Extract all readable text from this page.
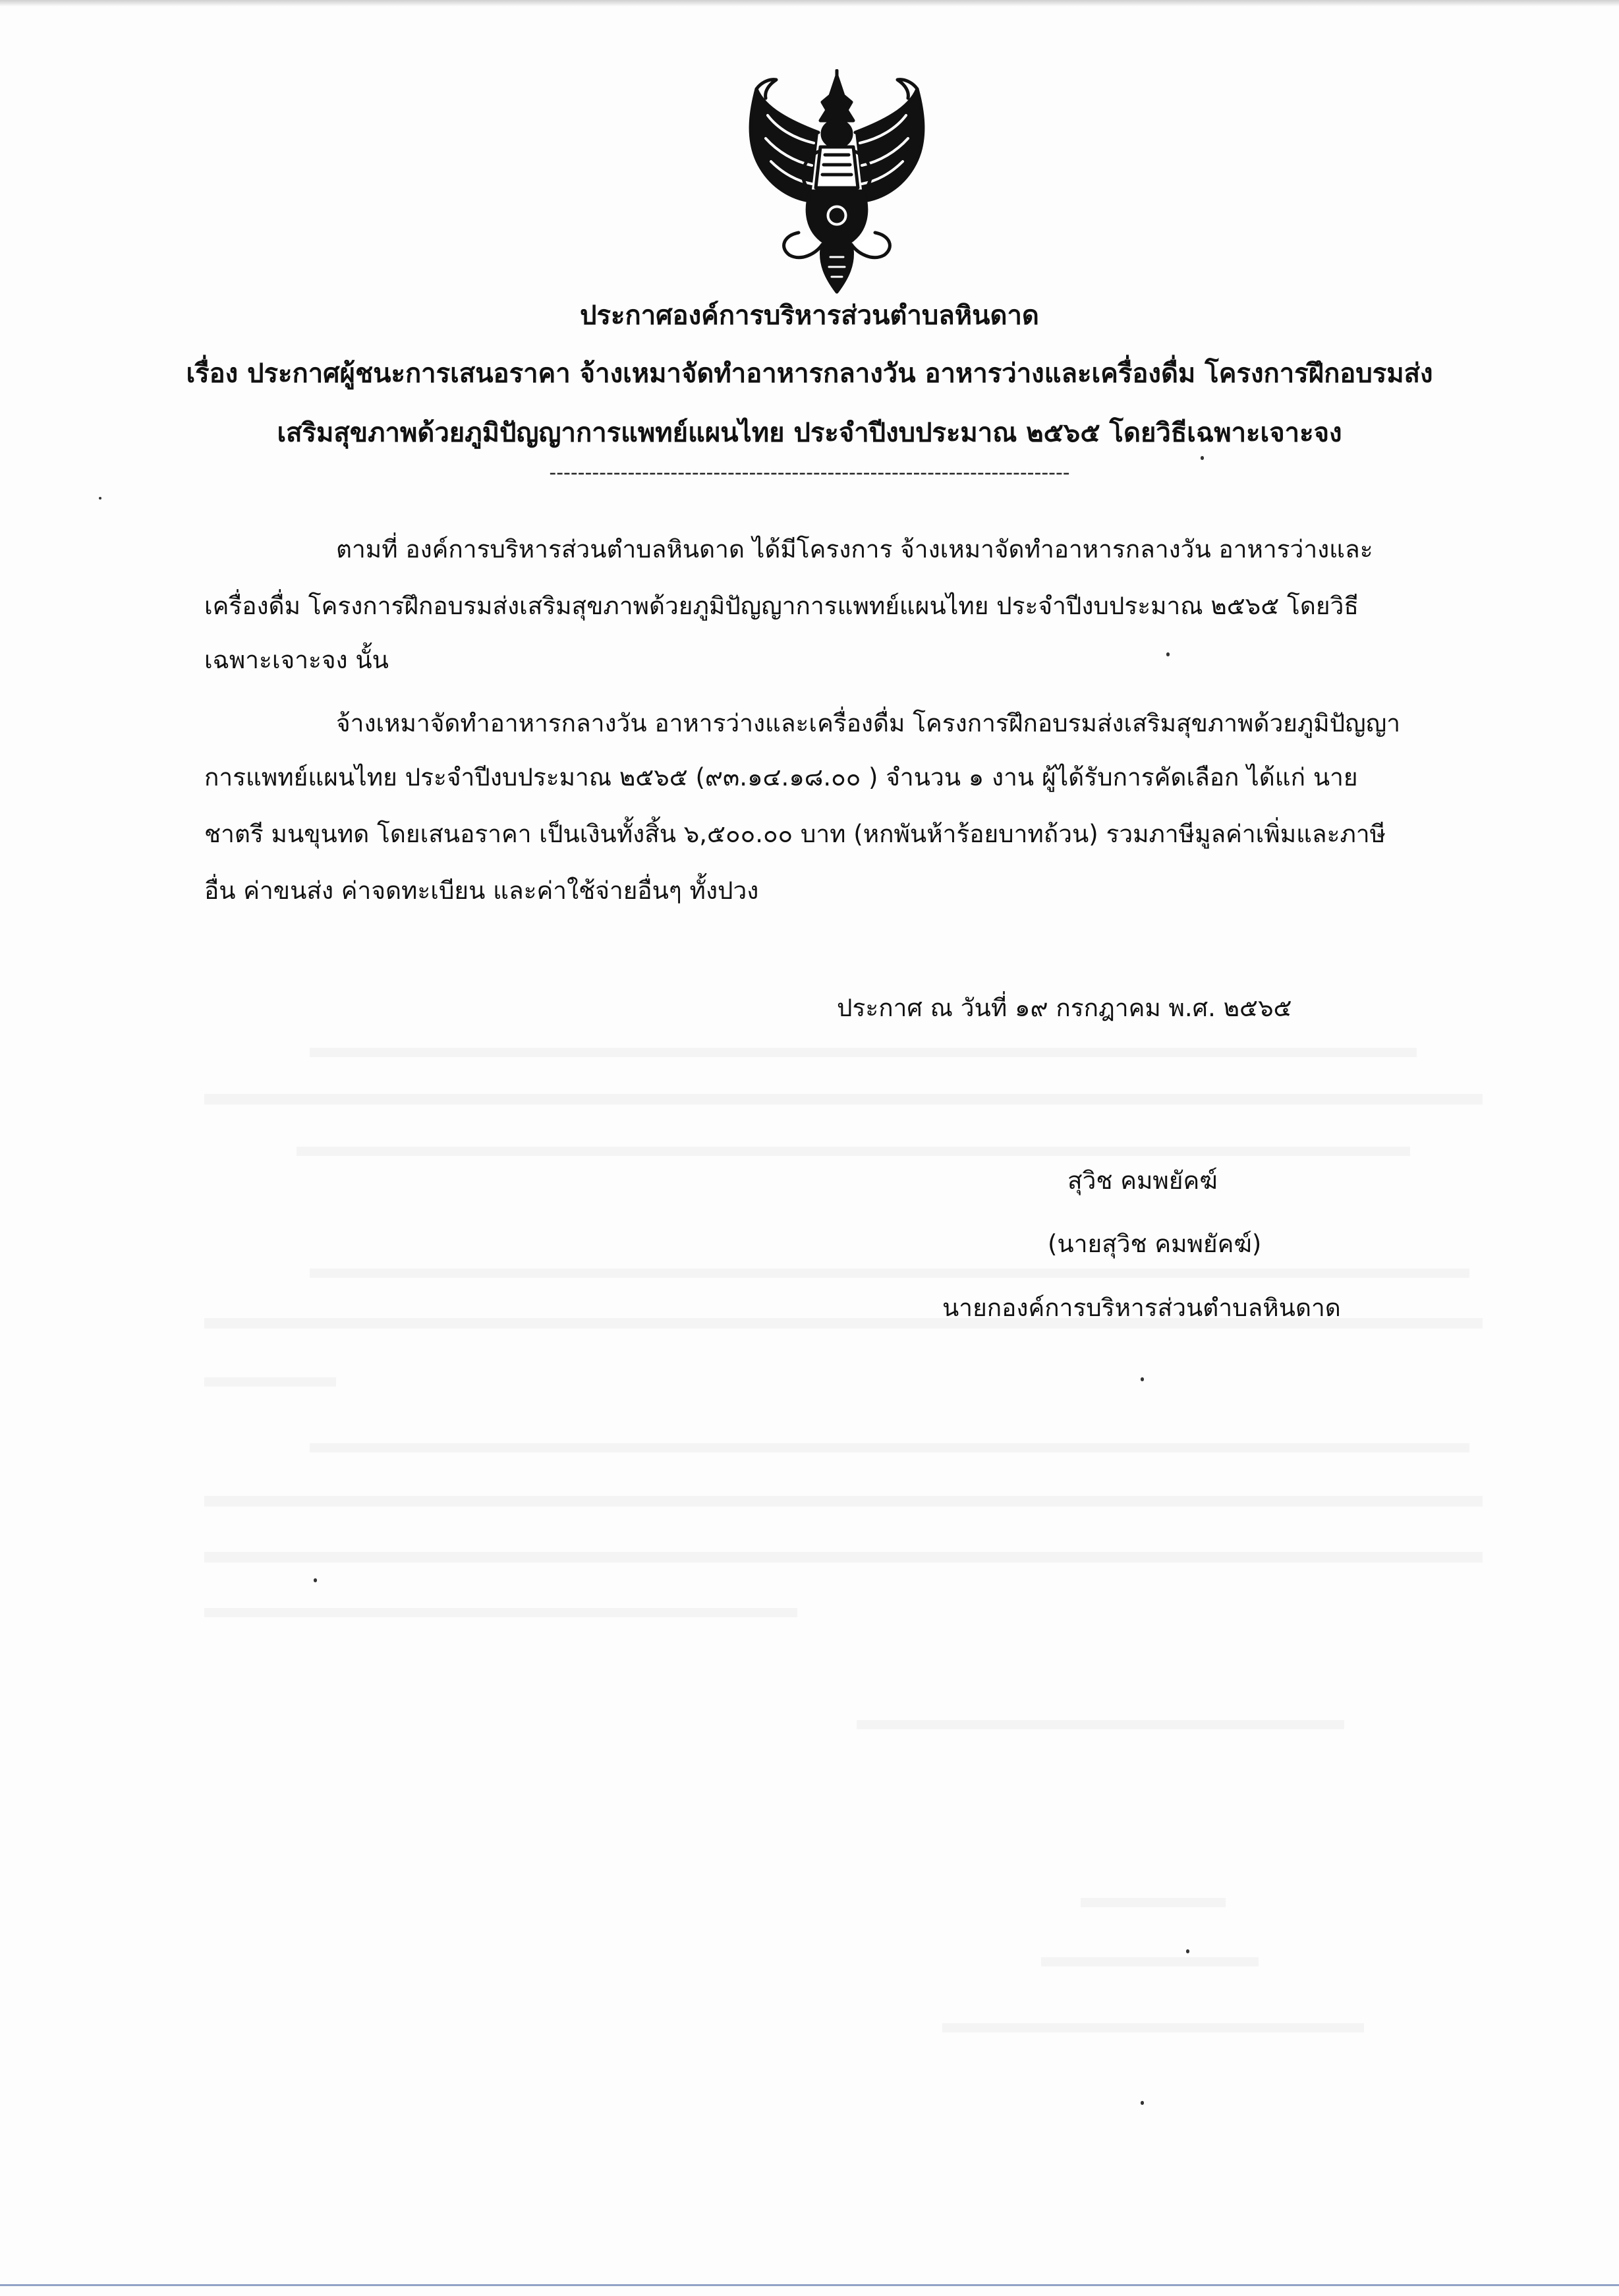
ประกาศองค์การบริหารส่วนตำบลหินดาด
เรื่อง ประกาศผู้ชนะการเสนอราคา จ้างเหมาจัดทำอาหารกลางวัน อาหารว่างและเครื่องดื่ม โครงการฝึกอบรมส่ง
เสริมสุขภาพด้วยภูมิปัญญาการแพทย์แผนไทย ประจำปีงบประมาณ ๒๕๖๕ โดยวิธีเฉพาะเจาะจง
-------------------------------------------------------------------------
ตามที่ องค์การบริหารส่วนตำบลหินดาด ได้มีโครงการ จ้างเหมาจัดทำอาหารกลางวัน อาหารว่างและ
เครื่องดื่ม โครงการฝึกอบรมส่งเสริมสุขภาพด้วยภูมิปัญญาการแพทย์แผนไทย ประจำปีงบประมาณ ๒๕๖๕ โดยวิธี
เฉพาะเจาะจง นั้น
จ้างเหมาจัดทำอาหารกลางวัน อาหารว่างและเครื่องดื่ม โครงการฝึกอบรมส่งเสริมสุขภาพด้วยภูมิปัญญา
การแพทย์แผนไทย ประจำปีงบประมาณ ๒๕๖๕ (๙๓.๑๔.๑๘.๐๐ ) จำนวน ๑ งาน ผู้ได้รับการคัดเลือก ได้แก่ นาย
ชาตรี มนขุนทด โดยเสนอราคา เป็นเงินทั้งสิ้น ๖,๕๐๐.๐๐ บาท (หกพันห้าร้อยบาทถ้วน) รวมภาษีมูลค่าเพิ่มและภาษี
อื่น ค่าขนส่ง ค่าจดทะเบียน และค่าใช้จ่ายอื่นๆ ทั้งปวง
ประกาศ ณ วันที่ ๑๙ กรกฎาคม พ.ศ. ๒๕๖๕
สุวิช คมพยัคฆ์
(นายสุวิช คมพยัคฆ์)
นายกองค์การบริหารส่วนตำบลหินดาด
